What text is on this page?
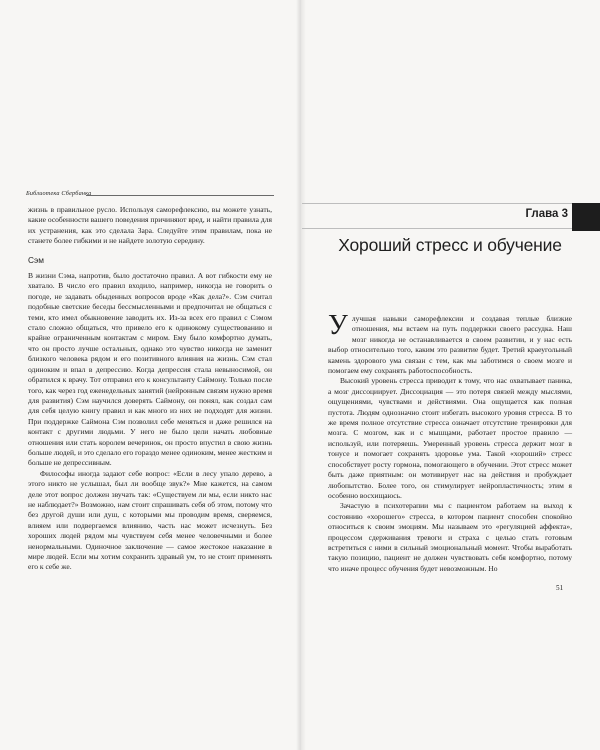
Библиотека Сбербанка

жизнь в правильное русло. Используя саморефлексию, вы можете узнать, какие особенности вашего поведения причиняют вред, и найти правила для их устранения, как это сделала Зара. Следуйте этим правилам, пока не станете более гибкими и не найдете золотую середину.

Сэм

В жизни Сэма, напротив, было достаточно правил. А вот гибкости ему не хватало. В число его правил входило, например, никогда не говорить о погоде, не задавать обыденных вопросов вроде «Как дела?». Сэм считал подобные светские беседы бессмысленными и предпочитал не общаться с теми, кто имел обыкновение заводить их. Из-за всех его правил с Сэмом стало сложно общаться, что привело его к одинокому существованию и крайне ограниченным контактам с миром. Ему было комфортно думать, что он просто лучше остальных, однако это чувство никогда не заменит близкого человека рядом и его позитивного влияния на жизнь. Сэм стал одиноким и впал в депрессию. Когда депрессия стала невыносимой, он обратился к врачу. Тот отправил его к консультанту Саймону. Только после того, как через год еженедельных занятий (нейронным связям нужно время для развития) Сэм научился доверять Саймону, он понял, как создал сам для себя целую книгу правил и как много из них не подходят для жизни. При поддержке Саймона Сэм позволил себе меняться и даже решился на контакт с другими людьми. У него не было цели начать любовные отношения или стать королем вечеринок, он просто впустил в свою жизнь больше людей, и это сделало его гораздо менее одиноким, менее жестким и больше не депрессивным.

Философы иногда задают себе вопрос: «Если в лесу упало дерево, а этого никто не услышал, был ли вообще звук?» Мне кажется, на самом деле этот вопрос должен звучать так: «Существуем ли мы, если никто нас не наблюдает?» Возможно, нам стоит спрашивать себя об этом, потому что без другой души или душ, с которыми мы проводим время, сверяемся, влияем или подвергаемся влиянию, часть нас может исчезнуть. Без хороших людей рядом мы чувствуем себя менее человечными и более ненормальными. Одиночное заключение — самое жестокое наказание в мире людей. Если мы хотим сохранить здравый ум, то не стоит применять его к себе же.

Глава 3
Хороший стресс и обучение

Улучшая навыки саморефлексии и создавая теплые близкие отношения, мы встаем на путь поддержки своего рассудка. Наш мозг никогда не останавливается в своем развитии, и у нас есть выбор относительно того, каким это развитие будет. Третий краеугольный камень здорового ума связан с тем, как мы заботимся о своем мозге и помогаем ему сохранять работоспособность.

Высокий уровень стресса приводит к тому, что нас охватывает паника, а мозг диссоциирует. Диссоциация — это потеря связей между мыслями, ощущениями, чувствами и действиями. Она ощущается как полная пустота. Людям однозначно стоит избегать высокого уровня стресса. В то же время полное отсутствие стресса означает отсутствие тренировки для мозга. С мозгом, как и с мышцами, работает простое правило — используй, или потеряешь. Умеренный уровень стресса держит мозг в тонусе и помогает сохранять здоровье ума. Такой «хороший» стресс способствует росту гормона, помогающего в обучении. Этот стресс может быть даже приятным: он мотивирует нас на действия и пробуждает любопытство. Более того, он стимулирует нейропластичность; этим я особенно восхищаюсь.

Зачастую в психотерапии мы с пациентом работаем на выход к состоянию «хорошего» стресса, в котором пациент способен спокойно относиться к своим эмоциям. Мы называем это «регуляцией аффекта», процессом сдерживания тревоги и страха с целью стать готовым встретиться с ними в сильный эмоциональный момент. Чтобы выработать такую позицию, пациент не должен чувствовать себя комфортно, потому что иначе процесс обучения будет невозможным. Но

51
